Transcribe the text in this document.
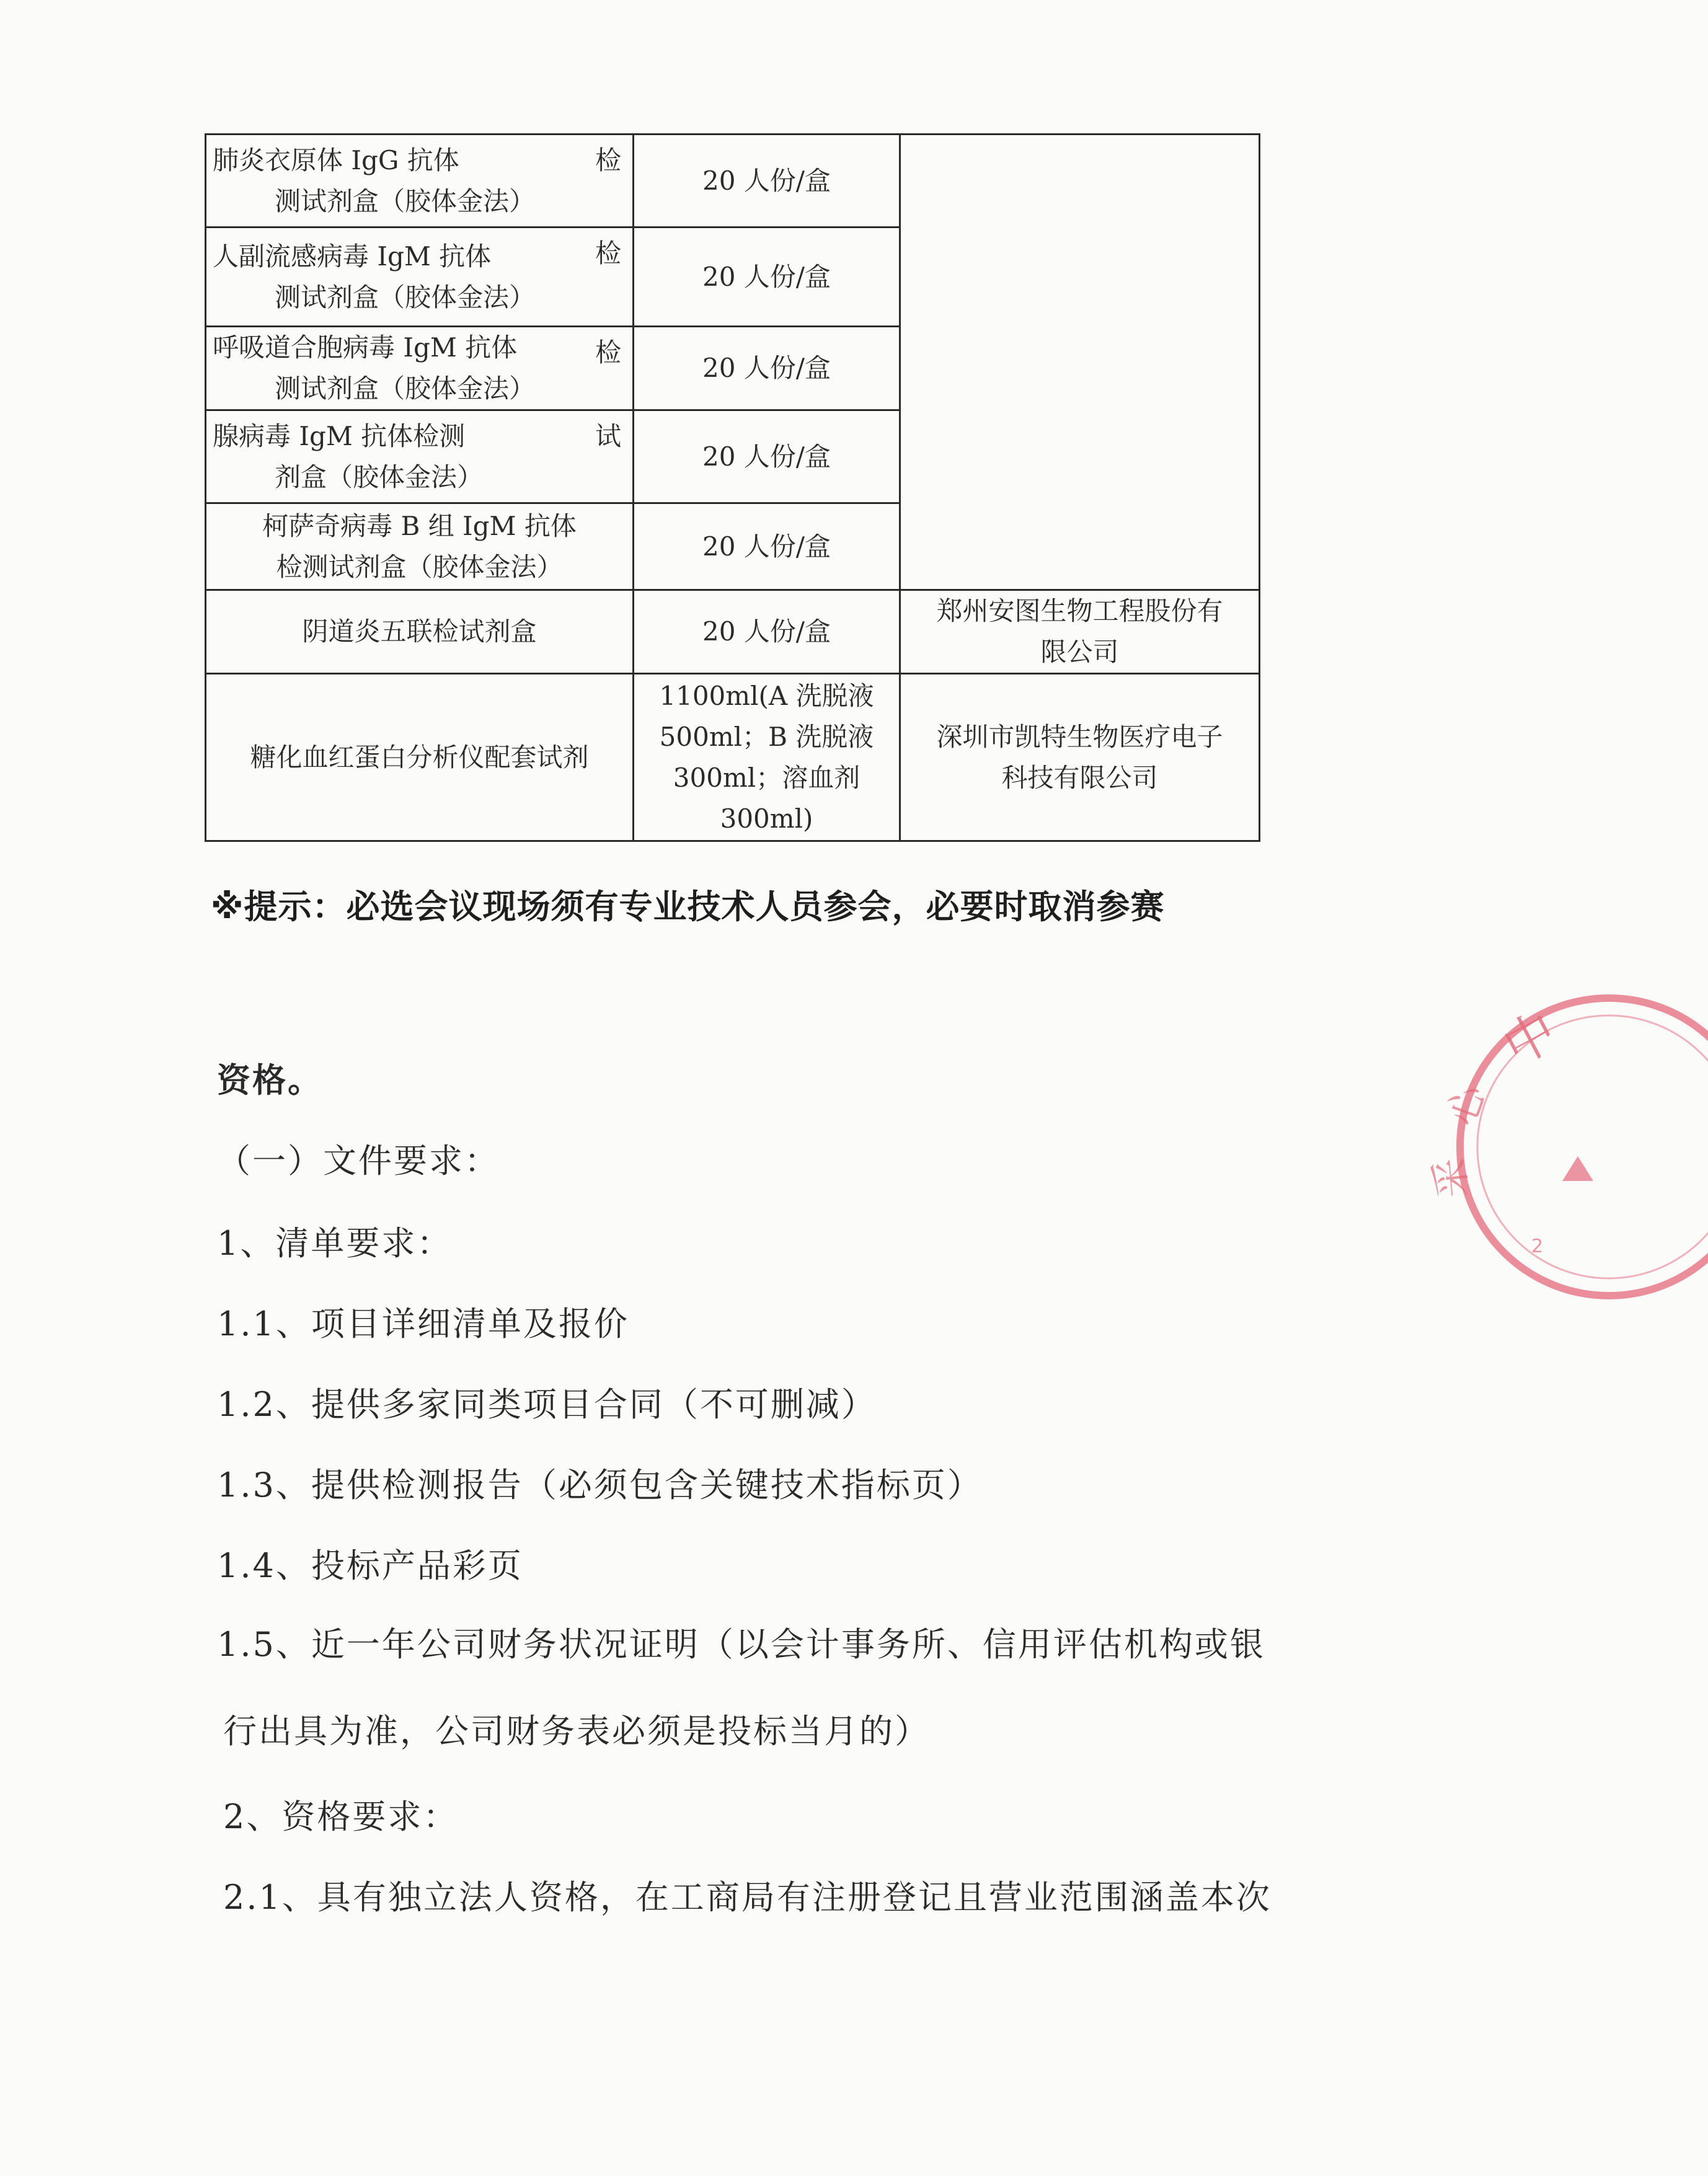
肺炎衣原体 IgG 抗体 检
测试剂盒（胶体金法）	20 人份/盒	

人副流感病毒 IgM 抗体 检
测试剂盒（胶体金法）	20 人份/盒	

呼吸道合胞病毒 IgM 抗体 检
测试剂盒（胶体金法）	20 人份/盒	

腺病毒 IgM 抗体检测 试
剂盒（胶体金法）	20 人份/盒	

柯萨奇病毒 B 组 IgM 抗体
检测试剂盒（胶体金法）	20 人份/盒	
阴道炎五联检试剂盒	20 人份/盒	郑州安图生物工程股份有
限公司

糖化血红蛋白分析仪配套试剂	1100ml(A 洗脱液
500ml；B 洗脱液
300ml；溶血剂
300ml)	深圳市凯特生物医疗电子
科技有限公司
※提示：必选会议现场须有专业技术人员参会，必要时取消参赛
资格。
（一）文件要求：
1、清单要求：
1.1、项目详细清单及报价
1.2、提供多家同类项目合同（不可删减）
1.3、提供检测报告（必须包含关键技术指标页）
1.4、投标产品彩页
1.5、近一年公司财务状况证明（以会计事务所、信用评估机构或银
行出具为准，公司财务表必须是投标当月的）
2、资格要求：
2.1、具有独立法人资格，在工商局有注册登记且营业范围涵盖本次
中
心
采
2
